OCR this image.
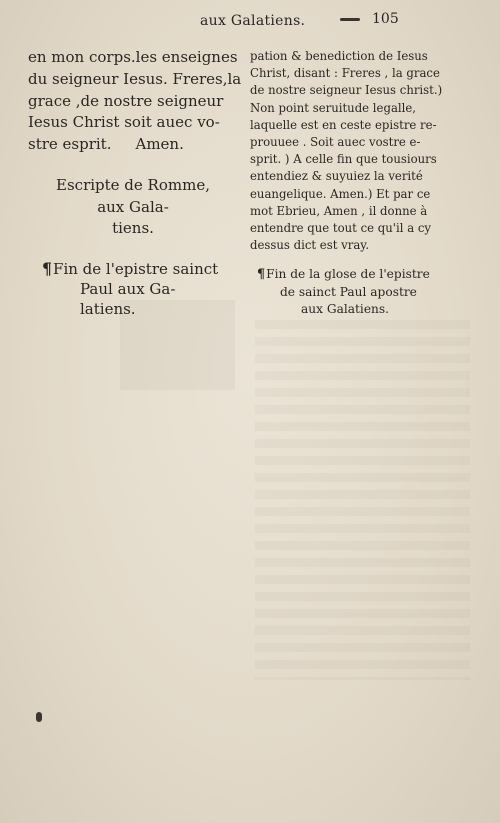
aux Galatiens.	105

en mon corps.les enseignes

du seigneur Iesus. Freres,la

grace ,de nostre seigneur

Iesus Christ soit auec vo-

stre esprit. Amen.

Escripte de Romme,

aux Gala-

tiens.

¶Fin de l'epistre sainct

Paul aux Ga-

latiens.

pation & benediction de Iesus

Christ, disant : Freres , la grace

de nostre seigneur Iesus christ.)

Non point seruitude legalle,

laquelle est en ceste epistre re-

prouuee . Soit auec vostre e-

sprit. ) A celle fin que tousiours

entendiez & suyuiez la verité

euangelique. Amen.) Et par ce

mot Ebrieu, Amen , il donne à

entendre que tout ce qu'il a cy

dessus dict est vray.

¶Fin de la glose de l'epistre

de sainct Paul apostre

aux Galatiens.
